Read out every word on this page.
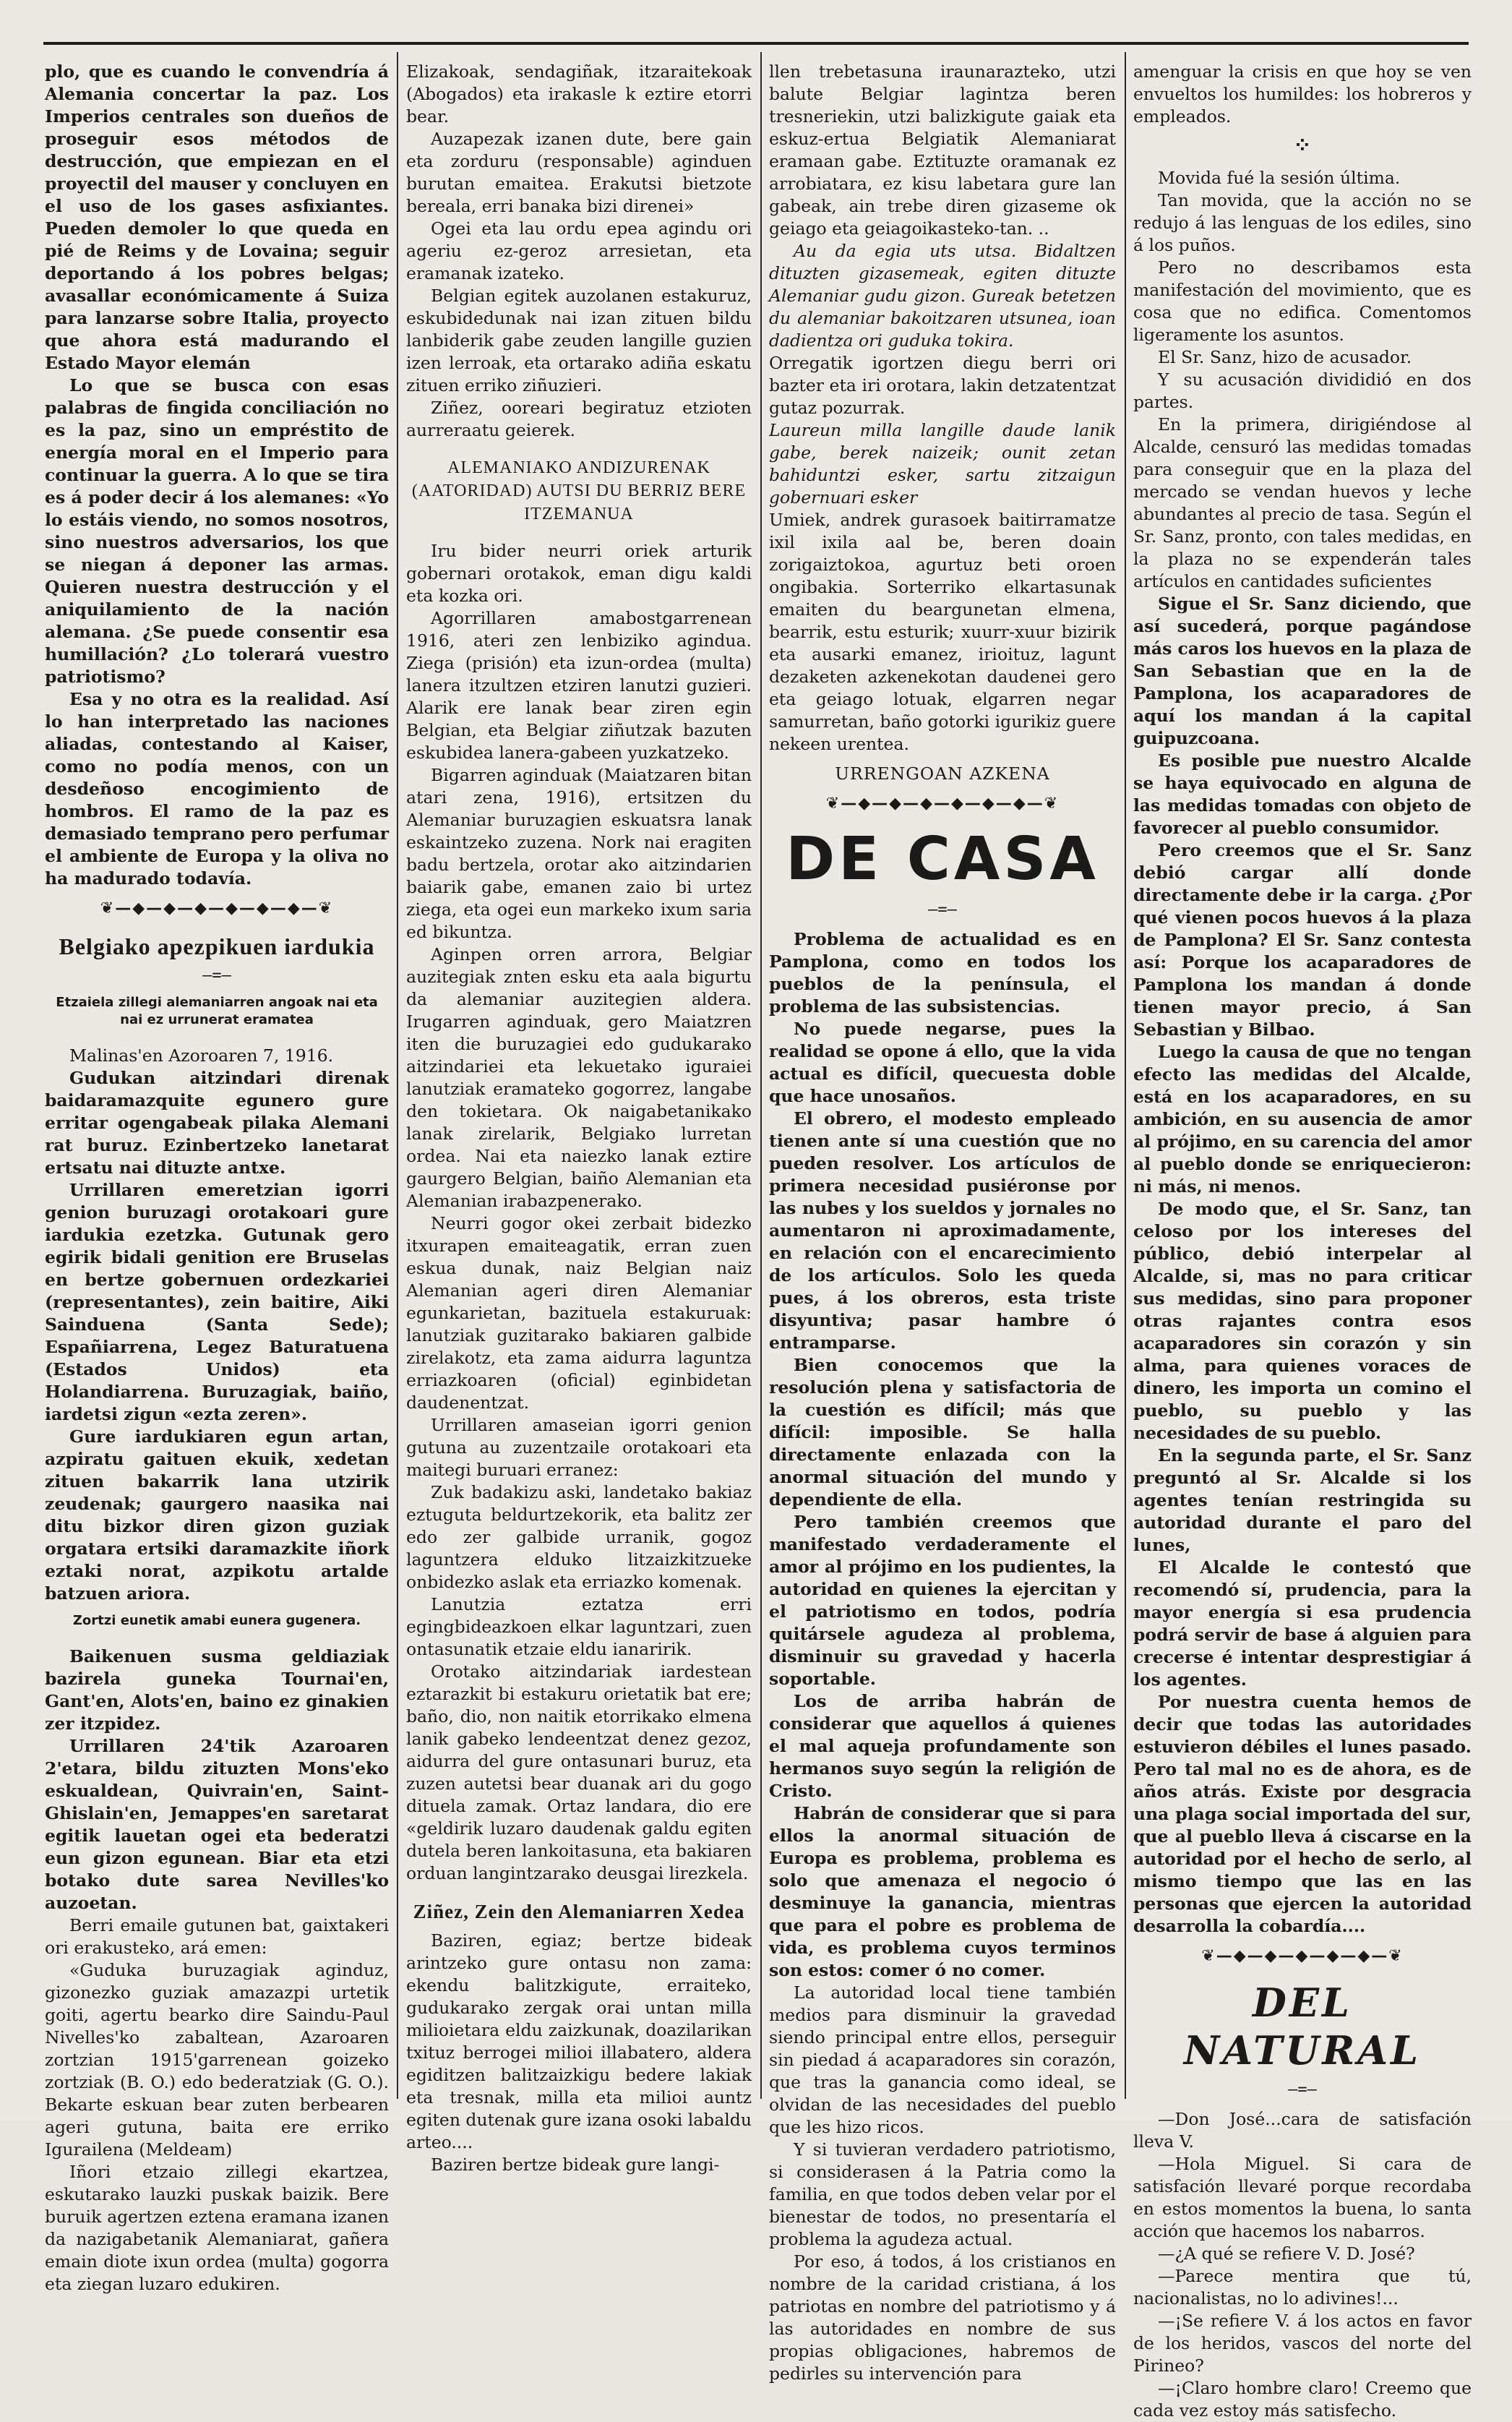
plo, que es cuando le convendría á Alemania concertar la paz. Los Imperios centrales son dueños de proseguir esos métodos de destrucción, que empiezan en el proyectil del mauser y concluyen en el uso de los gases asfixiantes. Pueden demoler lo que queda en pié de Reims y de Lovaina; seguir deportando á los pobres belgas; avasallar económicamente á Suiza para lanzarse sobre Italia, proyecto que ahora está madurando el Estado Mayor elemán

Lo que se busca con esas palabras de fingida conciliación no es la paz, sino un empréstito de energía moral en el Imperio para continuar la guerra. A lo que se tira es á poder decir á los alemanes: «Yo lo estáis viendo, no somos nosotros, sino nuestros adversarios, los que se niegan á deponer las armas. Quieren nuestra destrucción y el aniquilamiento de la nación alemana. ¿Se puede consentir esa humillación? ¿Lo tolerará vuestro patriotismo?

Esa y no otra es la realidad. Así lo han interpretado las naciones aliadas, contestando al Kaiser, como no podía menos, con un desdeñoso encogimiento de hombros. El ramo de la paz es demasiado temprano pero perfumar el ambiente de Europa y la oliva no ha madurado todavía.

❦—◆—◆—◆—◆—◆—◆—❦
Belgiako apezpikuen iardukia
—=—
Etzaiela zillegi alemaniarren angoak nai eta nai ez urrunerat eramatea

Malinas'en Azoroaren 7, 1916.

Gudukan aitzindari direnak baidaramazquite egunero gure erritar ogengabeak pilaka Alemani rat buruz. Ezinbertzeko lanetarat ertsatu nai dituzte antxe.

Urrillaren emeretzian igorri genion buruzagi orotakoari gure iardukia ezetzka. Gutunak gero egirik bidali genition ere Bruselas en bertze gobernuen ordezkariei (representantes), zein baitire, Aiki Sainduena (Santa Sede); Españiarrena, Legez Baturatuena (Estados Unidos) eta Holandiarrena. Buruzagiak, baiño, iardetsi zigun «ezta zeren».

Gure iardukiaren egun artan, azpiratu gaituen ekuik, xedetan zituen bakarrik lana utzirik zeudenak; gaurgero naasika nai ditu bizkor diren gizon guziak orgatara ertsiki daramazkite iñork eztaki norat, azpikotu artalde batzuen ariora.

Zortzi eunetik amabi eunera gugenera.

Baikenuen susma geldiaziak bazirela guneka Tournai'en, Gant'en, Alots'en, baino ez ginakien zer itzpidez.

Urrillaren 24'tik Azaroaren 2'etara, bildu zituzten Mons'eko eskualdean, Quivrain'en, Saint-Ghislain'en, Jemappes'en saretarat egitik lauetan ogei eta bederatzi eun gizon egunean. Biar eta etzi botako dute sarea Nevilles'ko auzoetan.

Berri emaile gutunen bat, gaixtakeri ori erakusteko, ará emen:

«Guduka buruzagiak aginduz, gizonezko guziak amazazpi urtetik goiti, agertu bearko dire Saindu-Paul Nivelles'ko zabaltean, Azaroaren zortzian 1915'garrenean goizeko zortziak (B. O.) edo bederatziak (G. O.). Bekarte eskuan bear zuten berbearen ageri gutuna, baita ere erriko Igurailena (Meldeam)

Iñori etzaio zillegi ekartzea, eskutarako lauzki puskak baizik. Bere buruik agertzen eztena eramana izanen da nazigabetanik Alemaniarat, gañera emain diote ixun ordea (multa) gogorra eta ziegan luzaro edukiren.

Elizakoak, sendagiñak, itzaraitekoak (Abogados) eta irakasle k eztire etorri bear.

Auzapezak izanen dute, bere gain eta zorduru (responsable) aginduen burutan emaitea. Erakutsi bietzote bereala, erri banaka bizi direnei»

Ogei eta lau ordu epea agindu ori ageriu ez-geroz arresietan, eta eramanak izateko.

Belgian egitek auzolanen estakuruz, eskubidedunak nai izan zituen bildu lanbiderik gabe zeuden langille guzien izen lerroak, eta ortarako adiña eskatu zituen erriko ziñuzieri.

Ziñez, ooreari begiratuz etzioten aurreraatu geierek.

ALEMANIAKO ANDIZURENAK (AATORIDAD) AUTSI DU BERRIZ BERE ITZEMANUA

Iru bider neurri oriek arturik gobernari orotakok, eman digu kaldi eta kozka ori.

Agorrillaren amabostgarrenean 1916, ateri zen lenbiziko agindua. Ziega (prisión) eta izun-ordea (multa) lanera itzultzen etziren lanutzi guzieri. Alarik ere lanak bear ziren egin Belgian, eta Belgiar ziñutzak bazuten eskubidea lanera-gabeen yuzkatzeko.

Bigarren aginduak (Maiatzaren bitan atari zena, 1916), ertsitzen du Alemaniar buruzagien eskuatsra lanak eskaintzeko zuzena. Nork nai eragiten badu bertzela, orotar ako aitzindarien baiarik gabe, emanen zaio bi urtez ziega, eta ogei eun markeko ixum saria ed bikuntza.

Aginpen orren arrora, Belgiar auzitegiak znten esku eta aala bigurtu da alemaniar auzitegien aldera. Irugarren aginduak, gero Maiatzren iten die buruzagiei edo gudukarako aitzindariei eta lekuetako iguraiei lanutziak eramateko gogorrez, langabe den tokietara. Ok naigabetanikako lanak zirelarik, Belgiako lurretan ordea. Nai eta naiezko lanak eztire gaurgero Belgian, baiño Alemanian eta Alemanian irabazpenerako.

Neurri gogor okei zerbait bidezko itxurapen emaiteagatik, erran zuen eskua dunak, naiz Belgian naiz Alemanian ageri diren Alemaniar egunkarietan, bazituela estakuruak: lanutziak guzitarako bakiaren galbide zirelakotz, eta zama aidurra laguntza erriazkoaren (oficial) eginbidetan daudenentzat.

Urrillaren amaseian igorri genion gutuna au zuzentzaile orotakoari eta maitegi buruari erranez:

Zuk badakizu aski, landetako bakiaz eztuguta beldurtzekorik, eta balitz zer edo zer galbide urranik, gogoz laguntzera elduko litzaizkitzueke onbidezko aslak eta erriazko komenak.

Lanutzia eztatza erri egingbideazkoen elkar laguntzari, zuen ontasunatik etzaie eldu ianaririk.

Orotako aitzindariak iardestean eztarazkit bi estakuru orietatik bat ere; baño, dio, non naitik etorrikako elmena lanik gabeko lendeentzat denez gezoz, aidurra del gure ontasunari buruz, eta zuzen autetsi bear duanak ari du gogo dituela zamak. Ortaz landara, dio ere «geldirik luzaro daudenak galdu egiten dutela beren lankoitasuna, eta bakiaren orduan langintzarako deusgai lirezkela.

Ziñez, Zein den Alemaniarren Xedea

Baziren, egiaz; bertze bideak arintzeko gure ontasu non zama: ekendu balitzkigute, erraiteko, gudukarako zergak orai untan milla milioietara eldu zaizkunak, doazilarikan txituz berrogei milioi illabatero, aldera egiditzen balitzaizkigu bedere lakiak eta tresnak, milla eta milioi auntz egiten dutenak gure izana osoki labaldu arteo....

Baziren bertze bideak gure langi-

llen trebetasuna iraunarazteko, utzi balute Belgiar lagintza beren tresneriekin, utzi balizkigute gaiak eta eskuz-ertua Belgiatik Alemaniarat eramaan gabe. Eztituzte oramanak ez arrobiatara, ez kisu labetara gure lan gabeak, ain trebe diren gizaseme ok geiago eta geiagoikasteko-tan. ..

Au da egia uts utsa. Bidaltzen dituzten gizasemeak, egiten dituzte Alemaniar gudu gizon. Gureak betetzen du alemaniar bakoitzaren utsunea, ioan dadientza ori guduka tokira.

Orregatik igortzen diegu berri ori bazter eta iri orotara, lakin detzatentzat gutaz pozurrak.

Laureun milla langille daude lanik gabe, berek naizeik; ounit zetan bahiduntzi esker, sartu zitzaigun gobernuari esker

Umiek, andrek gurasoek baitirramatze ixil ixila aal be, beren doain zorigaiztokoa, agurtuz beti oroen ongibakia. Sorterriko elkartasunak emaiten du beargunetan elmena, bearrik, estu esturik; xuurr-xuur bizirik eta ausarki emanez, irioituz, lagunt dezaketen azkenekotan daudenei gero eta geiago lotuak, elgarren negar samurretan, baño gotorki igurikiz guere nekeen urentea.

URRENGOAN AZKENA
❦—◆—◆—◆—◆—◆—◆—❦
DE CASA
—=—

Problema de actualidad es en Pamplona, como en todos los pueblos de la península, el problema de las subsistencias.

No puede negarse, pues la realidad se opone á ello, que la vida actual es difícil, quecuesta doble que hace unosaños.

El obrero, el modesto empleado tienen ante sí una cuestión que no pueden resolver. Los artículos de primera necesidad pusiéronse por las nubes y los sueldos y jornales no aumentaron ni aproximadamente, en relación con el encarecimiento de los artículos. Solo les queda pues, á los obreros, esta triste disyuntiva; pasar hambre ó entramparse.

Bien conocemos que la resolución plena y satisfactoria de la cuestión es difícil; más que difícil: imposible. Se halla directamente enlazada con la anormal situación del mundo y dependiente de ella.

Pero también creemos que manifestado verdaderamente el amor al prójimo en los pudientes, la autoridad en quienes la ejercitan y el patriotismo en todos, podría quitársele agudeza al problema, disminuir su gravedad y hacerla soportable.

Los de arriba habrán de considerar que aquellos á quienes el mal aqueja profundamente son hermanos suyo según la religión de Cristo.

Habrán de considerar que si para ellos la anormal situación de Europa es problema, problema es solo que amenaza el negocio ó desminuye la ganancia, mientras que para el pobre es problema de vida, es problema cuyos terminos son estos: comer ó no comer.

La autoridad local tiene también medios para disminuir la gravedad siendo principal entre ellos, perseguir sin piedad á acaparadores sin corazón, que tras la ganancia como ideal, se olvidan de las necesidades del pueblo que les hizo ricos.

Y si tuvieran verdadero patriotismo, si considerasen á la Patria como la familia, en que todos deben velar por el bienestar de todos, no presentaría el problema la agudeza actual.

Por eso, á todos, á los cristianos en nombre de la caridad cristiana, á los patriotas en nombre del patriotismo y á las autoridades en nombre de sus propias obligaciones, habremos de pedirles su intervención para

amenguar la crisis en que hoy se ven envueltos los humildes: los hobreros y empleados.

⁘

Movida fué la sesión última.

Tan movida, que la acción no se redujo á las lenguas de los ediles, sino á los puños.

Pero no describamos esta manifestación del movimiento, que es cosa que no edifica. Comentomos ligeramente los asuntos.

El Sr. Sanz, hizo de acusador.

Y su acusación divididió en dos partes.

En la primera, dirigiéndose al Alcalde, censuró las medidas tomadas para conseguir que en la plaza del mercado se vendan huevos y leche abundantes al precio de tasa. Según el Sr. Sanz, pronto, con tales medidas, en la plaza no se expenderán tales artículos en cantidades suficientes

Sigue el Sr. Sanz diciendo, que así sucederá, porque pagándose más caros los huevos en la plaza de San Sebastian que en la de Pamplona, los acaparadores de aquí los mandan á la capital guipuzcoana.

Es posible pue nuestro Alcalde se haya equivocado en alguna de las medidas tomadas con objeto de favorecer al pueblo consumidor.

Pero creemos que el Sr. Sanz debió cargar allí donde directamente debe ir la carga. ¿Por qué vienen pocos huevos á la plaza de Pamplona? El Sr. Sanz contesta así: Porque los acaparadores de Pamplona los mandan á donde tienen mayor precio, á San Sebastian y Bilbao.

Luego la causa de que no tengan efecto las medidas del Alcalde, está en los acaparadores, en su ambición, en su ausencia de amor al prójimo, en su carencia del amor al pueblo donde se enriquecieron: ni más, ni menos.

De modo que, el Sr. Sanz, tan celoso por los intereses del público, debió interpelar al Alcalde, si, mas no para criticar sus medidas, sino para proponer otras rajantes contra esos acaparadores sin corazón y sin alma, para quienes voraces de dinero, les importa un comino el pueblo, su pueblo y las necesidades de su pueblo.

En la segunda parte, el Sr. Sanz preguntó al Sr. Alcalde si los agentes tenían restringida su autoridad durante el paro del lunes,

El Alcalde le contestó que recomendó sí, prudencia, para la mayor energía si esa prudencia podrá servir de base á alguien para crecerse é intentar desprestigiar á los agentes.

Por nuestra cuenta hemos de decir que todas las autoridades estuvieron débiles el lunes pasado. Pero tal mal no es de ahora, es de años atrás. Existe por desgracia una plaga social importada del sur, que al pueblo lleva á ciscarse en la autoridad por el hecho de serlo, al mismo tiempo que las en las personas que ejercen la autoridad desarrolla la cobardía....

❦—◆—◆—◆—◆—◆—❦
DEL NATURAL
—=—

—Don José...cara de satisfación lleva V.

—Hola Miguel. Si cara de satisfación llevaré porque recordaba en estos momentos la buena, lo santa acción que hacemos los nabarros.

—¿A qué se refiere V. D. José?

—Parece mentira que tú, nacionalistas, no lo adivines!...

—¡Se refiere V. á los actos en favor de los heridos, vascos del norte del Pirineo?

—¡Claro hombre claro! Creemo que cada vez estoy más satisfecho.
